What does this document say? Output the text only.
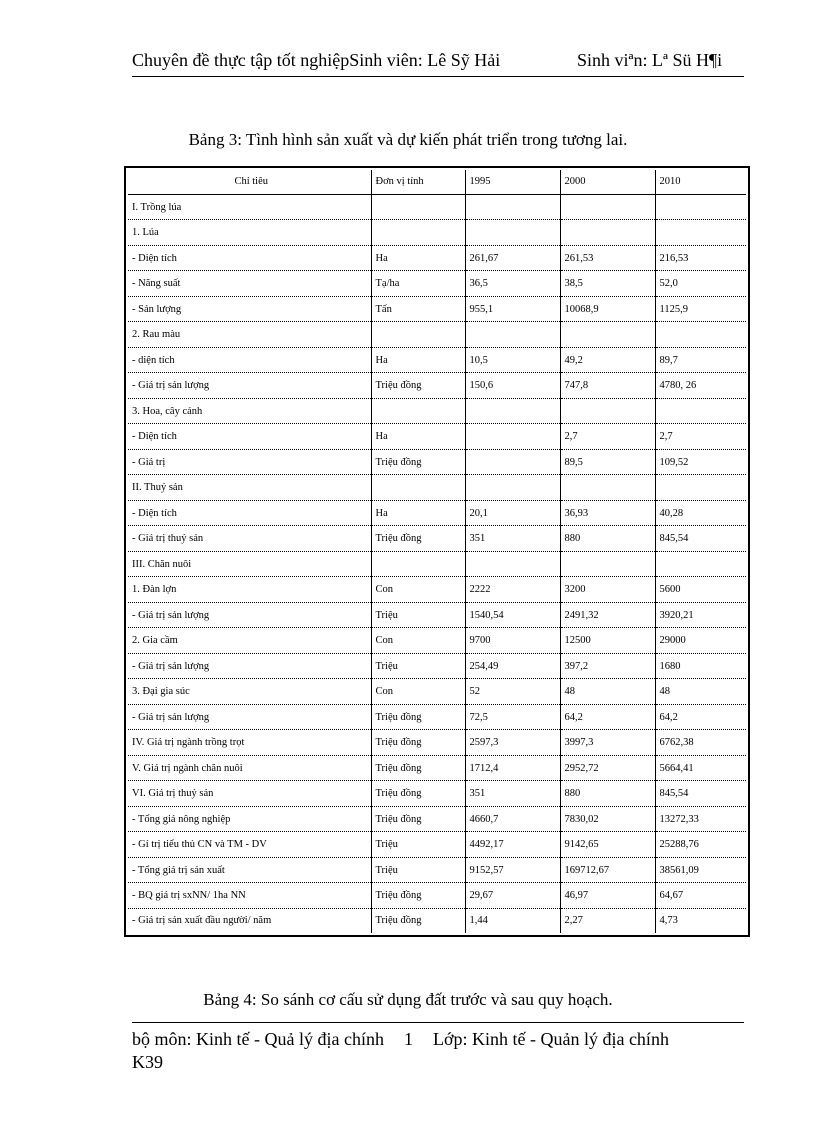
Chuyên đề thực tập tốt nghiệpSinh viên: Lê Sỹ Hải	Sinh viªn: Lª Sü H¶i
Bảng 3: Tình hình sản xuất và dự kiến phát triển trong tương lai.
Chỉ tiêu	Đơn vị tính	1995	2000	2010
I. Trồng lúa				
1. Lúa				
- Diện tích	Ha	261,67	261,53	216,53
- Năng suất	Tạ/ha	36,5	38,5	52,0
- Sản lượng	Tấn	955,1	10068,9	1125,9
2. Rau màu				
- diện tích	Ha	10,5	49,2	89,7
- Giá trị sản lượng	Triệu đồng	150,6	747,8	4780, 26
3. Hoa, cây cảnh				
- Diện tích	Ha		2,7	2,7
- Giá trị	Triệu đồng		89,5	109,52
II. Thuỷ sản				
- Diện tích	Ha	20,1	36,93	40,28
- Giá trị thuỷ sản	Triệu đồng	351	880	845,54
III. Chăn nuôi				
1. Đàn lợn	Con	2222	3200	5600
- Giá trị sản lượng	Triệu	1540,54	2491,32	3920,21
2. Gia cầm	Con	9700	12500	29000
- Giá trị sản lượng	Triệu	254,49	397,2	1680
3. Đại gia súc	Con	52	48	48
- Giá trị sản lượng	Triệu đồng	72,5	64,2	64,2
IV. Giá trị ngành trồng trọt	Triệu đồng	2597,3	3997,3	6762,38
V. Giá trị ngành chăn nuôi	Triệu đồng	1712,4	2952,72	5664,41
VI. Giá trị thuỷ sản	Triệu đồng	351	880	845,54
- Tổng giá nông nghiệp	Triệu đồng	4660,7	7830,02	13272,33
- Gí trị tiểu thủ CN và TM - DV	Triệu	4492,17	9142,65	25288,76
- Tổng giá trị sản xuất	Triệu	9152,57	169712,67	38561,09
- BQ giá trị sxNN/ 1ha NN	Triệu đồng	29,67	46,97	64,67
- Giá trị sản xuất đầu người/ năm	Triệu đồng	1,44	2,27	4,73
Bảng 4: So sánh cơ cấu sử dụng đất trước và sau quy hoạch.
bộ môn: Kinh tế - Quả lý địa chính 1 Lớp: Kinh tế - Quản lý địa chính
K39
